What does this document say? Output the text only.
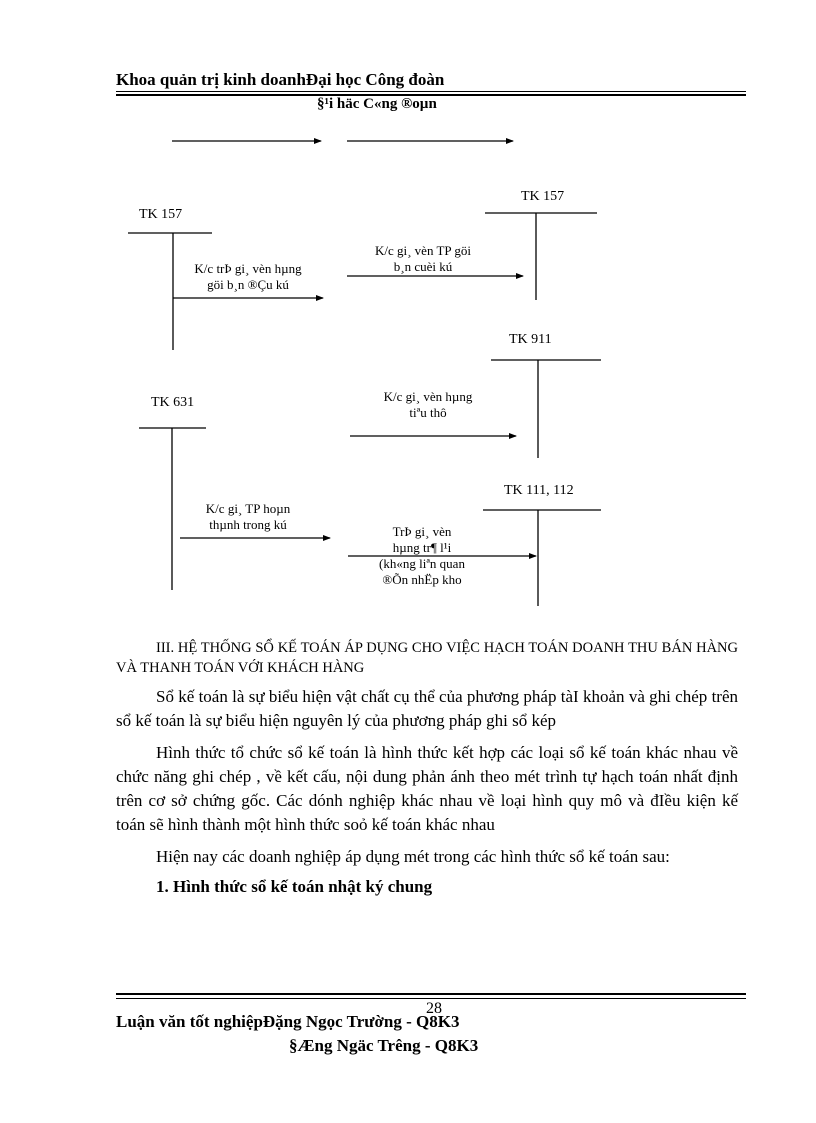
Khoa quản trị kinh doanhĐại học Công đoàn
§¹i häc C«ng ®oµn
TK 157
TK 157
TK 911
TK 631
TK 111, 112
K/c trÞ gi¸ vèn hµng
göi b¸n ®Çu kú
K/c gi¸ vèn TP göi
b¸n cuèi kú
K/c gi¸ vèn hµng
tiªu thô
K/c gi¸ TP hoµn
thµnh trong kú	TrÞ gi¸ vèn
hµng tr¶ l¹i
(kh«ng liªn quan
®Õn nhËp kho
III. HỆ THỐNG SỔ KẾ TOÁN ÁP DỤNG CHO VIỆC HẠCH TOÁN DOANH THU BÁN HÀNG VÀ THANH TOÁN VỚI KHÁCH HÀNG

Sổ kế toán là sự biểu hiện vật chất cụ thể của phương pháp tàI khoản và ghi chép trên sổ kế toán là sự biểu hiện nguyên lý của phương pháp ghi sổ kép

Hình thức tổ chức sổ kế toán là hình thức kết hợp các loại sổ kế toán khác nhau về chức năng ghi chép , về kết cấu, nội dung phản ánh theo mét trình tự hạch toán nhất định trên cơ sở chứng gốc. Các dónh nghiệp khác nhau về loại hình quy mô và đIều kiện kế toán sẽ hình thành một hình thức soỏ kế toán khác nhau

Hiện nay các doanh nghiệp áp dụng mét trong các hình thức sổ kế toán sau:

1. Hình thức sổ kế toán nhật ký chung

28
Luận văn tốt nghiệpĐặng Ngọc Trường - Q8K3
§Æng Ngäc Trêng - Q8K3
